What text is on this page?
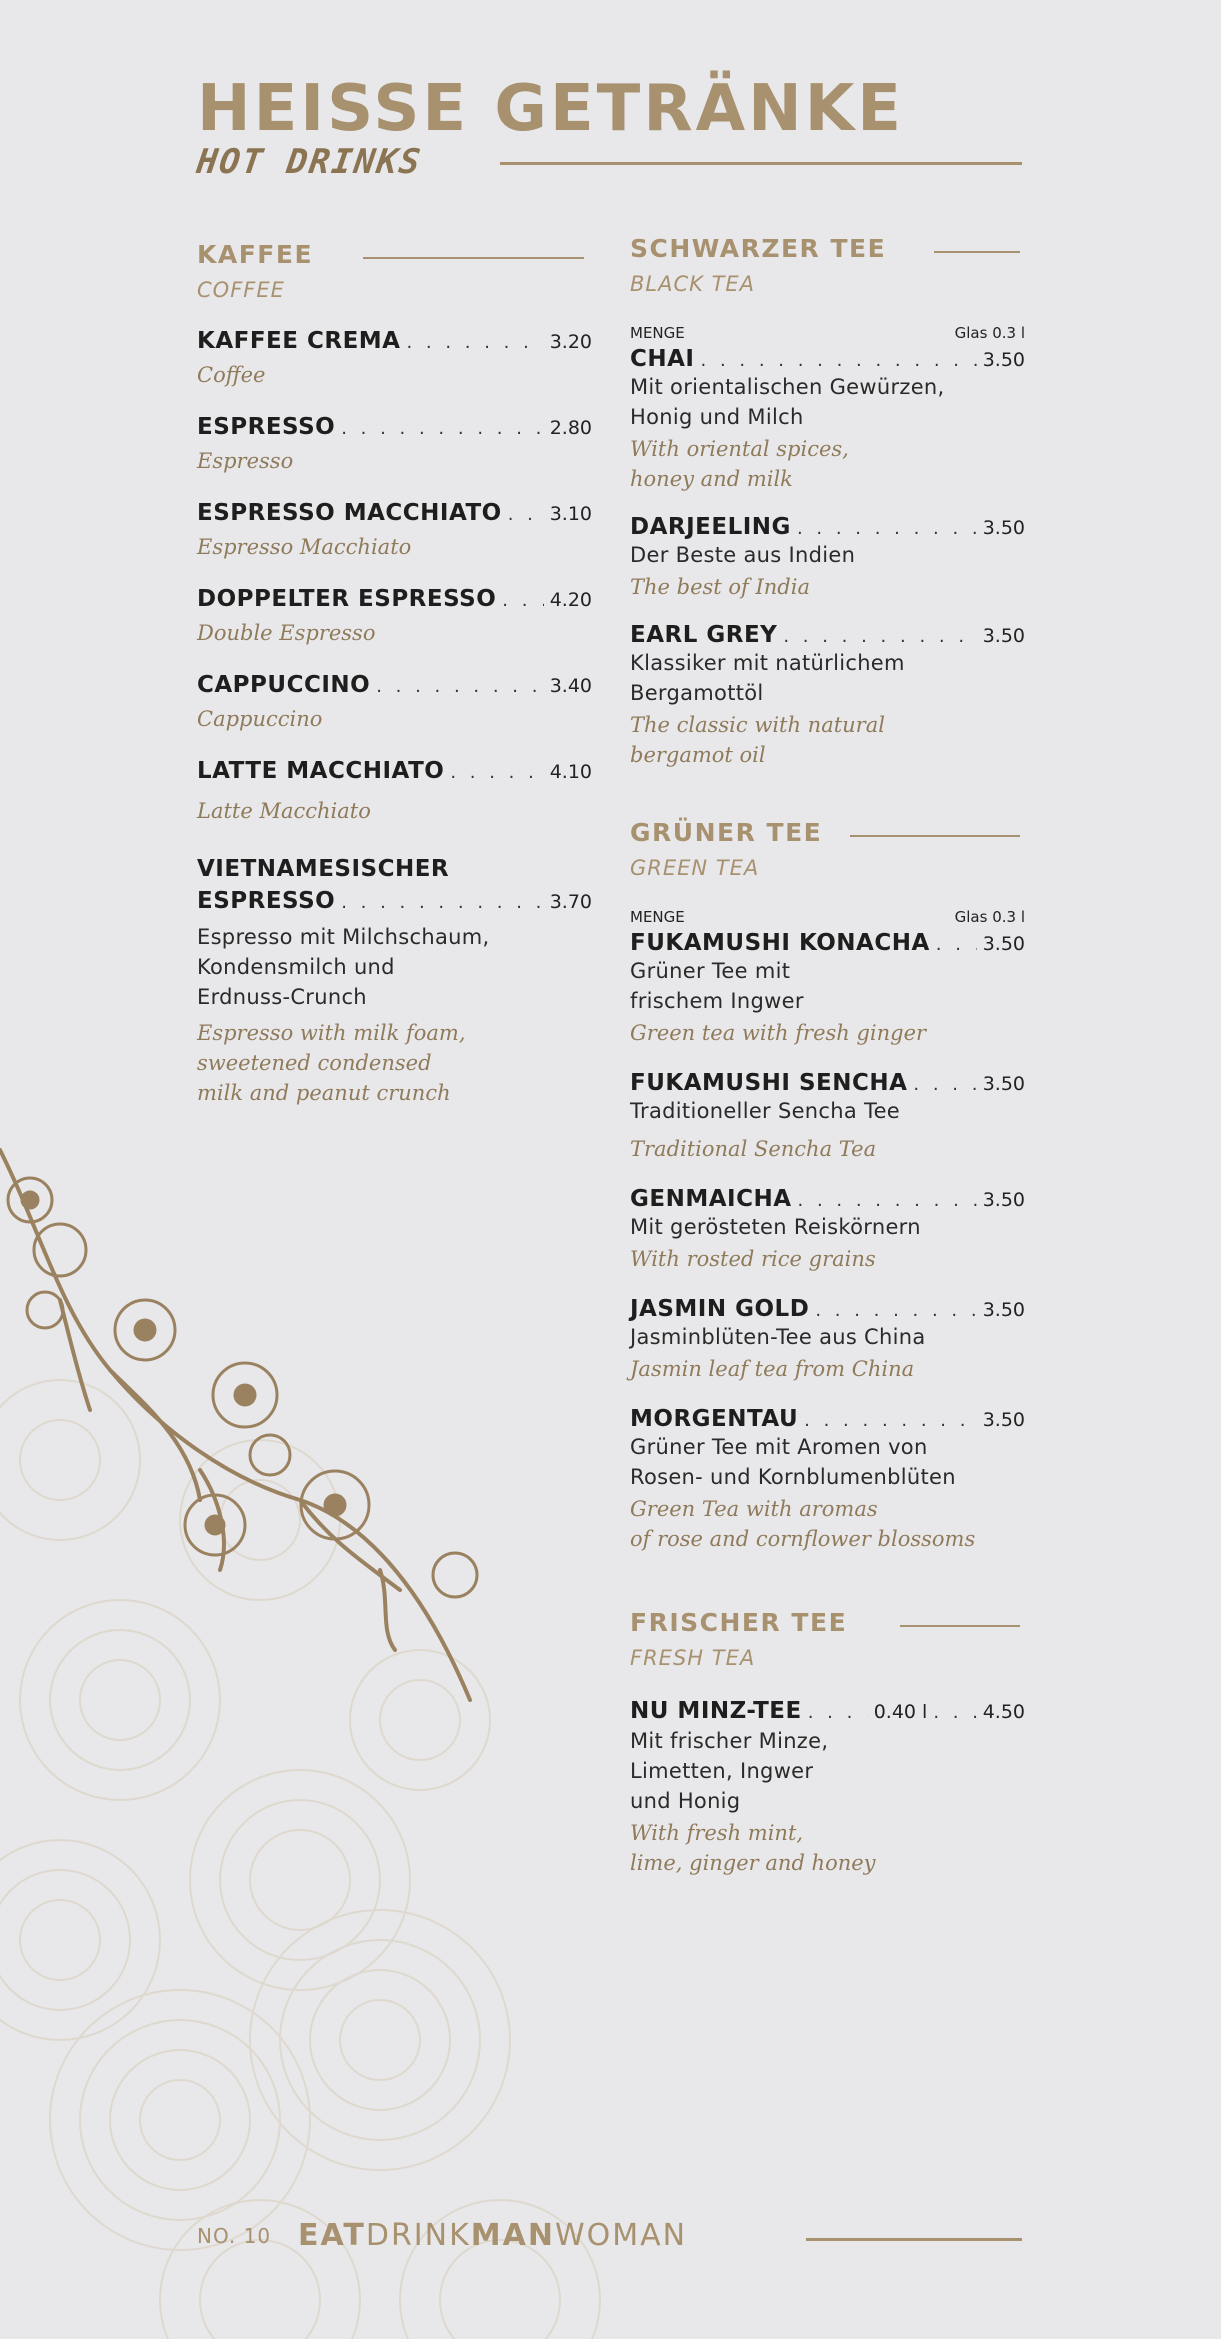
HEISSE GETRÄNKE
HOT DRINKS
KAFFEE
COFFEE
KAFFEE CREMA . . .	3.20
Coffee
ESPRESSO . . .	2.80
Espresso
ESPRESSO MACCHIATO . . .	3.10
Espresso Macchiato
DOPPELTER ESPRESSO . . .	4.20
Double Espresso
CAPPUCCINO . . .	3.40
Cappuccino
LATTE MACCHIATO . . .	4.10
Latte Macchiato
VIETNAMESISCHER
ESPRESSO . . .	3.70
Espresso mit Milchschaum,
Kondensmilch und
Erdnuss-Crunch
Espresso with milk foam,
sweetened condensed
milk and peanut crunch
SCHWARZER TEE
BLACK TEA
MENGE	Glas 0.3 l
CHAI . . .	3.50
Mit orientalischen Gewürzen,
Honig und Milch
With oriental spices,
honey and milk
DARJEELING . . .	3.50
Der Beste aus Indien
The best of India
EARL GREY . . .	3.50
Klassiker mit natürlichem
Bergamottöl
The classic with natural
bergamot oil
GRÜNER TEE
GREEN TEA
MENGE	Glas 0.3 l
FUKAMUSHI KONACHA . . .	3.50
Grüner Tee mit
frischem Ingwer
Green tea with fresh ginger
FUKAMUSHI SENCHA . . .	3.50
Traditioneller Sencha Tee
Traditional Sencha Tea
GENMAICHA . . .	3.50
Mit gerösteten Reiskörnern
With rosted rice grains
JASMIN GOLD . . .	3.50
Jasminblüten-Tee aus China
Jasmin leaf tea from China
MORGENTAU . . .	3.50
Grüner Tee mit Aromen von
Rosen- und Kornblumenblüten
Green Tea with aromas
of rose and cornflower blossoms
FRISCHER TEE
FRESH TEA
NU MINZ-TEE . . .	0.40 l . . .	4.50
Mit frischer Minze,
Limetten, Ingwer
und Honig
With fresh mint,
lime, ginger and honey
NO. 10 EATDRINKMANWOMAN
